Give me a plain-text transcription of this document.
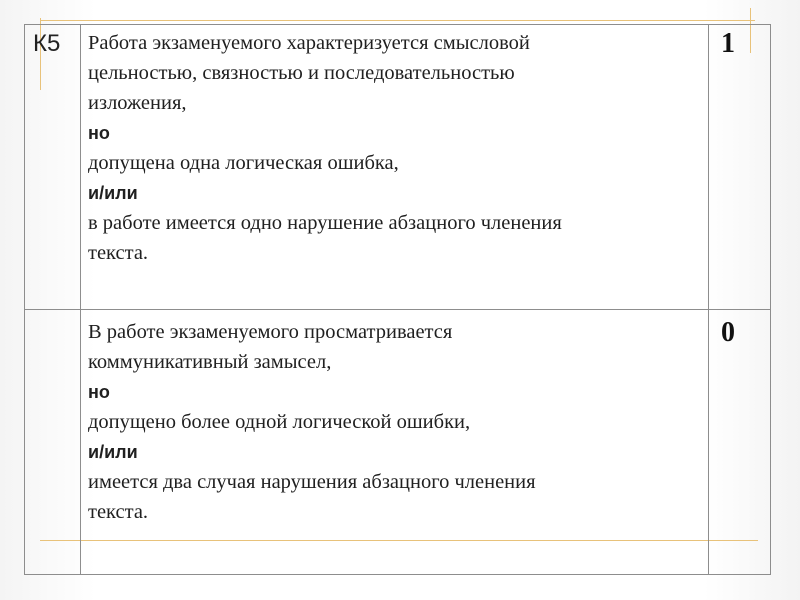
К5 Работа экзаменуемого характеризуется смысловой
цельностью, связностью и последовательностью
изложения,
но
допущена одна логическая ошибка,
и/или
в работе имеется одно нарушение абзацного членения
текста.
1
В работе экзаменуемого просматривается
коммуникативный замысел,
но
допущено более одной логической ошибки,
и/или
имеется два случая нарушения абзацного членения
текста.
0
